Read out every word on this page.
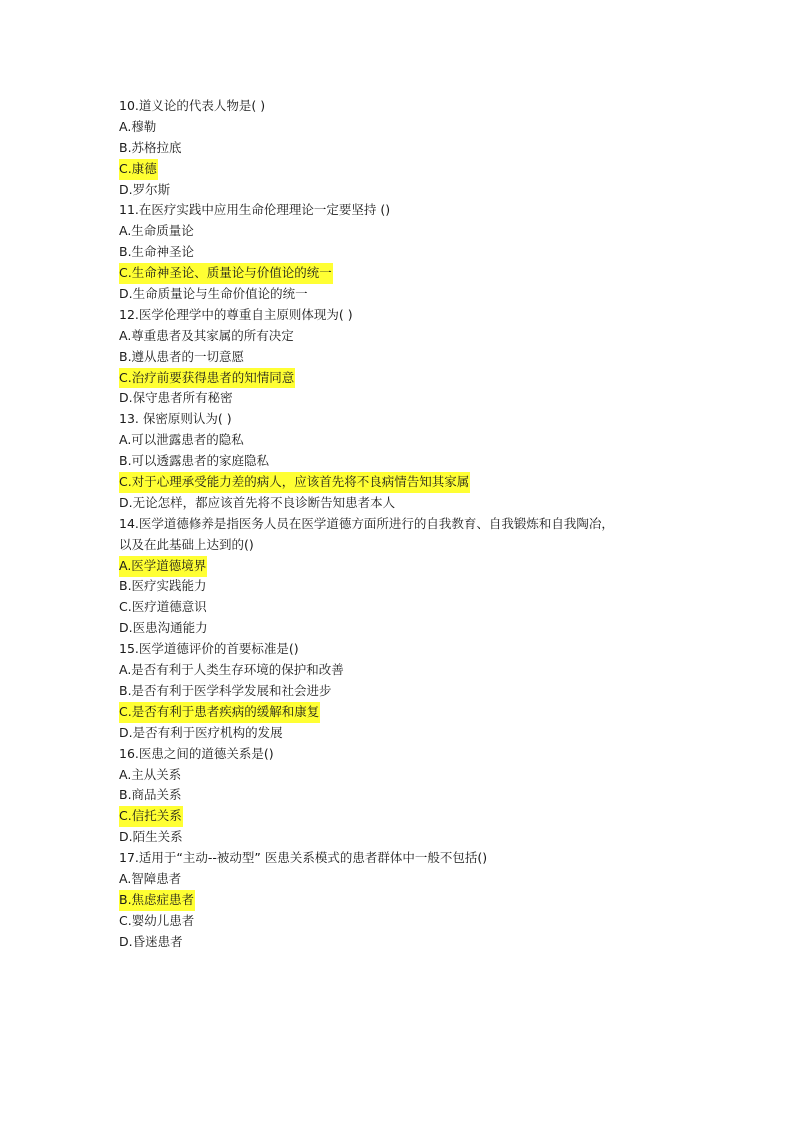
10.道义论的代表人物是( )
A.穆勒
B.苏格拉底
C.康德
D.罗尔斯
11.在医疗实践中应用生命伦理理论一定要坚持 ()
A.生命质量论
B.生命神圣论
C.生命神圣论、质量论与价值论的统一
D.生命质量论与生命价值论的统一
12.医学伦理学中的尊重自主原则体现为( )
A.尊重患者及其家属的所有决定
B.遵从患者的一切意愿
C.治疗前要获得患者的知情同意
D.保守患者所有秘密
13. 保密原则认为( )
A.可以泄露患者的隐私
B.可以透露患者的家庭隐私
C.对于心理承受能力差的病人，应该首先将不良病情告知其家属
D.无论怎样，都应该首先将不良诊断告知患者本人
14.医学道德修养是指医务人员在医学道德方面所进行的自我教育、自我锻炼和自我陶冶，
以及在此基础上达到的()
A.医学道德境界
B.医疗实践能力
C.医疗道德意识
D.医患沟通能力
15.医学道德评价的首要标准是()
A.是否有利于人类生存环境的保护和改善
B.是否有利于医学科学发展和社会进步
C.是否有利于患者疾病的缓解和康复
D.是否有利于医疗机构的发展
16.医患之间的道德关系是()
A.主从关系
B.商品关系
C.信托关系
D.陌生关系
17.适用于“主动--被动型” 医患关系模式的患者群体中一般不包括()
A.智障患者
B.焦虑症患者
C.婴幼儿患者
D.昏迷患者
